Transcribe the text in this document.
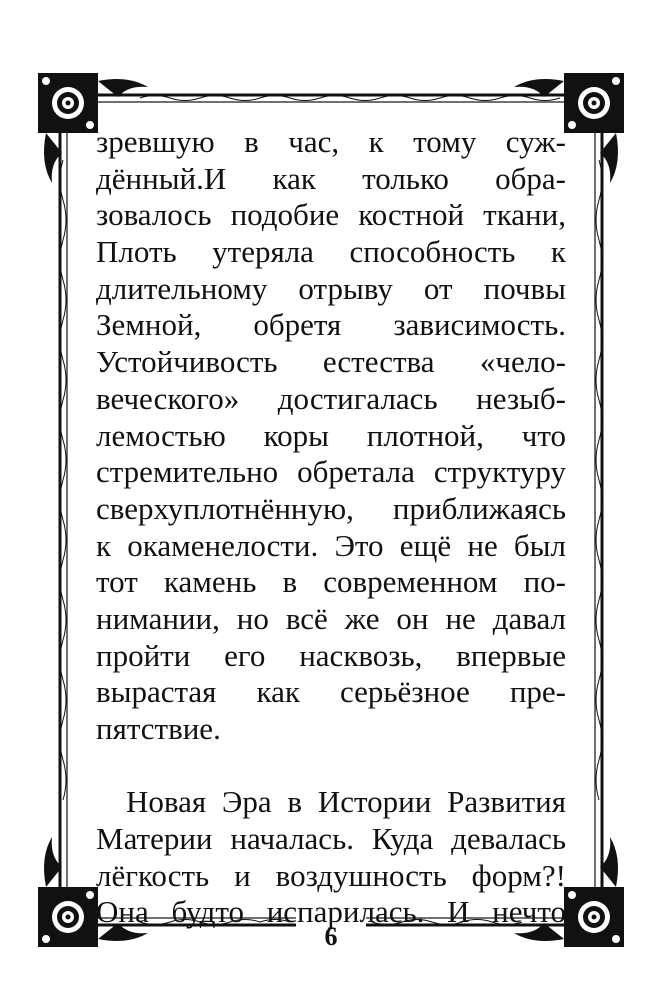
зревшую в час, к тому суж-
дённый.И как только обра-
зовалось подобие костной ткани,
Плоть утеряла способность к
длительному отрыву от почвы
Земной, обретя зависимость.
Устойчивость естества «чело-
веческого» достигалась незыб-
лемостью коры плотной, что
стремительно обретала структуру
сверхуплотнённую, приближаясь
к окаменелости. Это ещё не был
тот камень в современном по-
нимании, но всё же он не давал
пройти его насквозь, впервые
вырастая как серьёзное пре-
пятствие.
Новая Эра в Истории Развития
Материи началась. Куда девалась
лёгкость и воздушность форм?!
Она будто испарилась. И нечто
6
